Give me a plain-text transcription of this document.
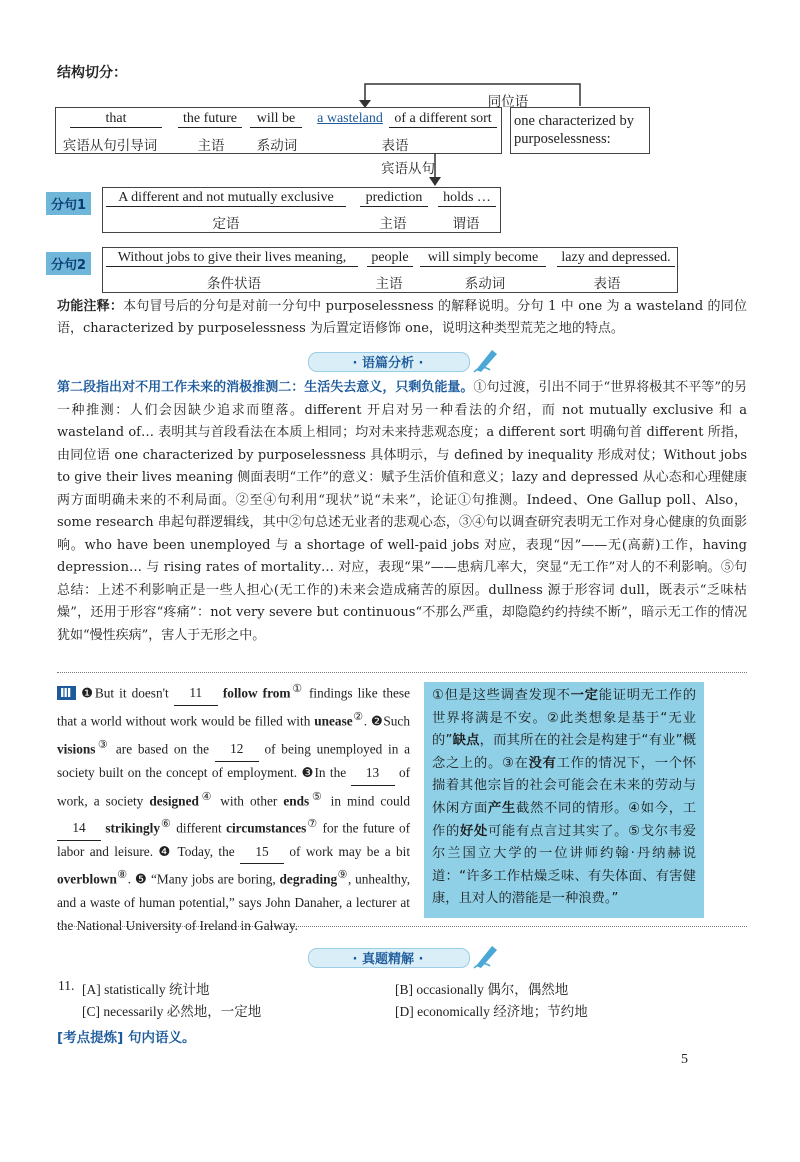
结构切分：
同位语
that	the future	will be	a wasteland of a different sort
宾语从句引导词	主语	系动词	表语
one characterized by
purposelessness:
宾语从句
分句1
A different and not mutually exclusive	prediction	holds …
定语	主语	谓语
分句2
Without jobs to give their lives meaning,	people	will simply become	lazy and depressed.
条件状语	主语	系动词	表语
功能注释：本句冒号后的分句是对前一分句中 purposelessness 的解释说明。分句 1 中 one 为 a wasteland 的同位语，characterized by purposelessness 为后置定语修饰 one，说明这种类型荒芜之地的特点。
· 语篇分析 ·
第二段指出对不用工作未来的消极推测二：生活失去意义，只剩负能量。①句过渡，引出不同于“世界将极其不平等”的另一种推测：人们会因缺少追求而堕落。different 开启对另一种看法的介绍，而 not mutually exclusive 和 a wasteland of… 表明其与首段看法在本质上相同；均对未来持悲观态度；a different sort 明确句首 different 所指，由同位语 one characterized by purposelessness 具体明示，与 defined by inequality 形成对仗；Without jobs to give their lives meaning 侧面表明“工作”的意义：赋予生活价值和意义；lazy and depressed 从心态和心理健康两方面明确未来的不利局面。②至④句利用“现状”说“未来”，论证①句推测。Indeed、One Gallup poll、Also，some research 串起句群逻辑线，其中②句总述无业者的悲观心态，③④句以调查研究表明无工作对身心健康的负面影响。who have been unemployed 与 a shortage of well-paid jobs 对应，表现“因”——无(高薪)工作，having depression… 与 rising rates of mortality… 对应，表现“果”——患病几率大，突显“无工作”对人的不利影响。⑤句总结：上述不利影响正是一些人担心(无工作的)未来会造成痛苦的原因。dullness 源于形容词 dull，既表示“乏味枯燥”，还用于形容“疼痛”：not very severe but continuous“不那么严重，却隐隐约约持续不断”，暗示无工作的情况犹如“慢性疾病”，害人于无形之中。
Ⅲ ❶But it doesn't 11 follow from① findings like these that a world without work would be filled with unease②. ❷Such visions③ are based on the 12 of being unemployed in a society built on the concept of employment. ❸In the 13 of work, a society designed④ with other ends⑤ in mind could 14 strikingly⑥ different circumstances⑦ for the future of labor and leisure. ❹ Today, the 15 of work may be a bit overblown⑧. ❺ “Many jobs are boring, degrading⑨, unhealthy, and a waste of human potential,” says John Danaher, a lecturer at the National University of Ireland in Galway.
①但是这些调查发现不一定能证明无工作的世界将满是不安。②此类想象是基于“无业的”缺点，而其所在的社会是构建于“有业”概念之上的。③在没有工作的情况下，一个怀揣着其他宗旨的社会可能会在未来的劳动与休闲方面产生截然不同的情形。④如今，工作的好处可能有点言过其实了。⑤戈尔韦爱尔兰国立大学的一位讲师约翰·丹纳赫说道：“许多工作枯燥乏味、有失体面、有害健康，且对人的潜能是一种浪费。”
· 真题精解 ·
11. [A] statistically 统计地	[B] occasionally 偶尔，偶然地
[C] necessarily 必然地，一定地	[D] economically 经济地；节约地
[考点提炼] 句内语义。
5
